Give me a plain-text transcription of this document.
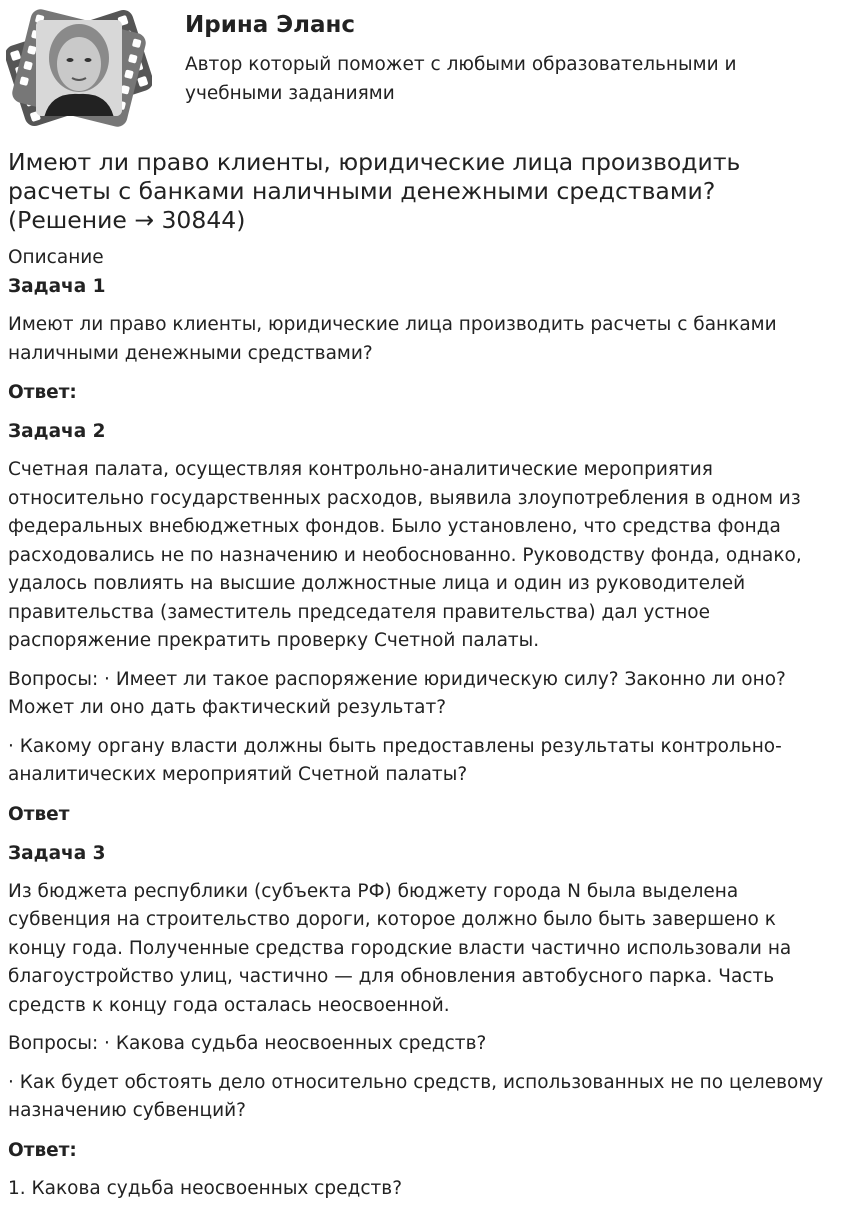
Ирина Эланс
Автор который поможет с любыми образовательными и учебными заданиями
Имеют ли право клиенты, юридические лица производить расчеты с банками наличными денежными средствами? (Решение → 30844)

Описание

Задача 1

Имеют ли право клиенты, юридические лица производить расчеты с банками наличными денежными средствами?

Ответ:

Задача 2

Счетная палата, осуществляя контрольно-аналитические мероприятия относительно государственных расходов, выявила злоупотребления в одном из федеральных внебюджетных фондов. Было установлено, что средства фонда расходовались не по назначению и необоснованно. Руководству фонда, однако, удалось повлиять на высшие должностные лица и один из руководителей правительства (заместитель председателя правительства) дал устное распоряжение прекратить проверку Счетной палаты.

Вопросы: · Имеет ли такое распоряжение юридическую силу? Законно ли оно? Может ли оно дать фактический результат?

· Какому органу власти должны быть предоставлены результаты контрольно-аналитических мероприятий Счетной палаты?

Ответ

Задача 3

Из бюджета республики (субъекта РФ) бюджету города N была выделена субвенция на строительство дороги, которое должно было быть завершено к концу года. Полученные средства городские власти частично использовали на благоустройство улиц, частично — для обновления автобусного парка. Часть средств к концу года осталась неосвоенной.

Вопросы: · Какова судьба неосвоенных средств?

· Как будет обстоять дело относительно средств, использованных не по целевому назначению субвенций?

Ответ:

1. Какова судьба неосвоенных средств?
